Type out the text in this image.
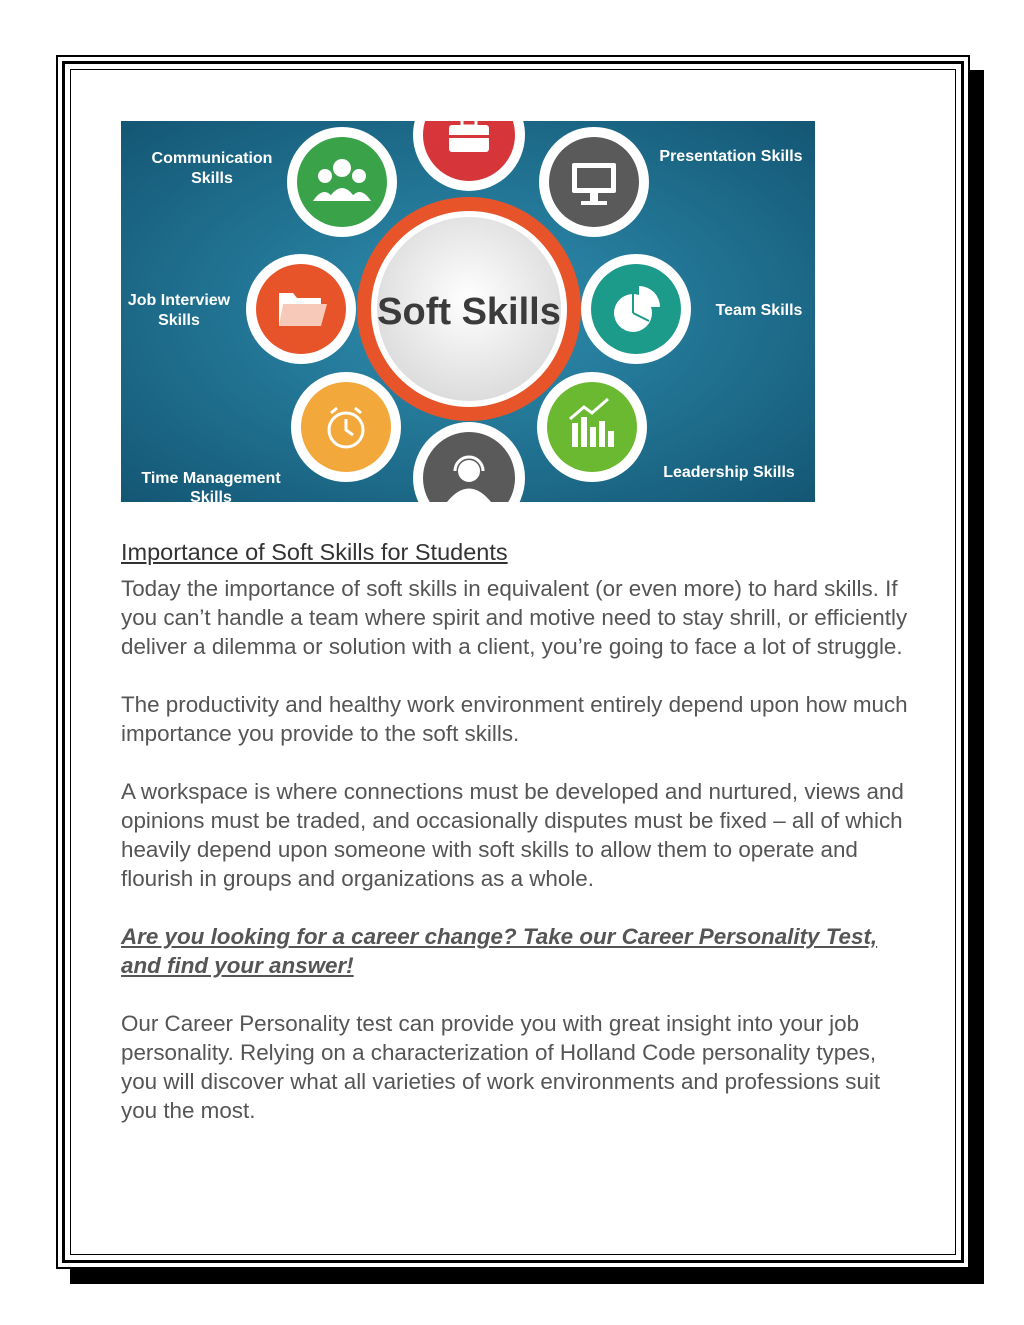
Soft Skills
Communication
Skills
Presentation Skills
Job Interview
Skills
Team Skills
Time Management
Skills
Leadership Skills
Importance of Soft Skills for Students

Today the importance of soft skills in equivalent (or even more) to hard skills. If you can’t handle a team where spirit and motive need to stay shrill, or efficiently deliver a dilemma or solution with a client, you’re going to face a lot of struggle.

The productivity and healthy work environment entirely depend upon how much importance you provide to the soft skills.

A workspace is where connections must be developed and nurtured, views and opinions must be traded, and occasionally disputes must be fixed – all of which heavily depend upon someone with soft skills to allow them to operate and flourish in groups and organizations as a whole.

Are you looking for a career change? Take our Career Personality Test, and find your answer!

Our Career Personality test can provide you with great insight into your job personality. Relying on a characterization of Holland Code personality types, you will discover what all varieties of work environments and professions suit you the most.
